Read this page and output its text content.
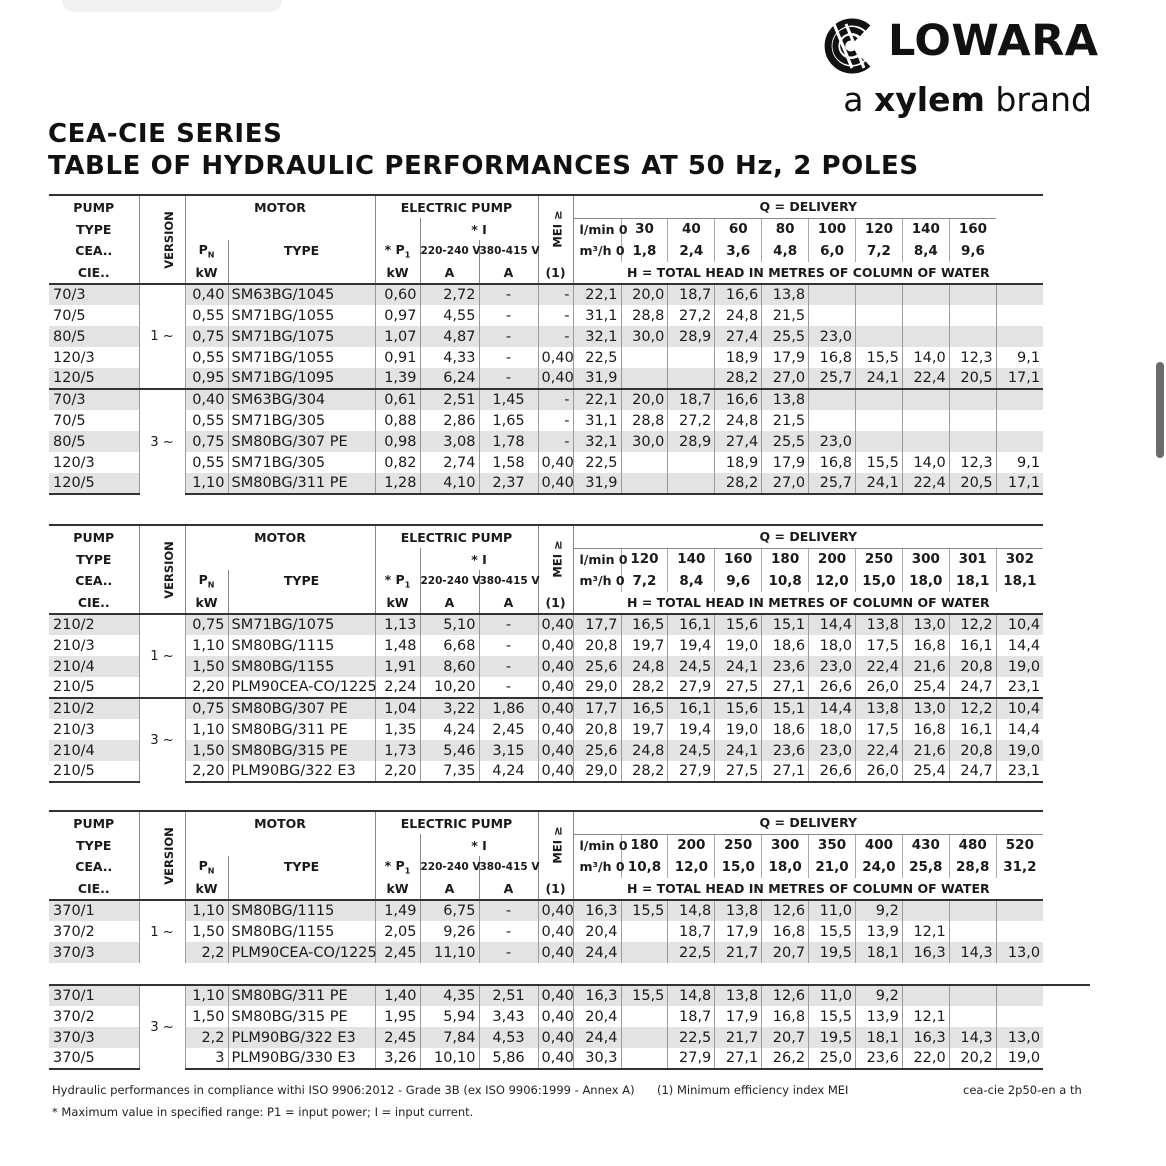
LOWARA
a xylem brand
CEA-CIE SERIES
TABLE OF HYDRAULIC PERFORMANCES AT 50 Hz, 2 POLES
PUMP	VERSION	MOTOR		ELECTRIC PUMP			MEI ≥	Q = DELIVERY									
TYPE					* I			l/min 0	30	40	60	80	100	120	140	160	
CEA..		$P_N$	TYPE	* $P_1$	220-240 V	380-415 V		m³/h 0	1,8	2,4	3,6	4,8	6,0	7,2	8,4	9,6	
CIE..		kW		kW	A	A	(1)	H = TOTAL HEAD IN METRES OF COLUMN OF WATER									
70/3	1 ~	0,40	SM63BG/1045	0,60	2,72	-	-	22,1	20,0	18,7	16,6	13,8					
70/5		0,55	SM71BG/1055	0,97	4,55	-	-	31,1	28,8	27,2	24,8	21,5					
80/5		0,75	SM71BG/1075	1,07	4,87	-	-	32,1	30,0	28,9	27,4	25,5	23,0				
120/3		0,55	SM71BG/1055	0,91	4,33	-	0,40	22,5			18,9	17,9	16,8	15,5	14,0	12,3	9,1
120/5		0,95	SM71BG/1095	1,39	6,24	-	0,40	31,9			28,2	27,0	25,7	24,1	22,4	20,5	17,1
70/3	3 ~	0,40	SM63BG/304	0,61	2,51	1,45	-	22,1	20,0	18,7	16,6	13,8					
70/5		0,55	SM71BG/305	0,88	2,86	1,65	-	31,1	28,8	27,2	24,8	21,5					
80/5		0,75	SM80BG/307 PE	0,98	3,08	1,78	-	32,1	30,0	28,9	27,4	25,5	23,0				
120/3		0,55	SM71BG/305	0,82	2,74	1,58	0,40	22,5			18,9	17,9	16,8	15,5	14,0	12,3	9,1
120/5		1,10	SM80BG/311 PE	1,28	4,10	2,37	0,40	31,9			28,2	27,0	25,7	24,1	22,4	20,5	17,1
PUMP	VERSION	MOTOR		ELECTRIC PUMP			MEI ≥	Q = DELIVERY									
TYPE					* I			l/min 0	120	140	160	180	200	250	300	301	302
CEA..		$P_N$	TYPE	* $P_1$	220-240 V	380-415 V		m³/h 0	7,2	8,4	9,6	10,8	12,0	15,0	18,0	18,1	18,1
CIE..		kW		kW	A	A	(1)	H = TOTAL HEAD IN METRES OF COLUMN OF WATER									
210/2	1 ~	0,75	SM71BG/1075	1,13	5,10	-	0,40	17,7	16,5	16,1	15,6	15,1	14,4	13,8	13,0	12,2	10,4
210/3		1,10	SM80BG/1115	1,48	6,68	-	0,40	20,8	19,7	19,4	19,0	18,6	18,0	17,5	16,8	16,1	14,4
210/4		1,50	SM80BG/1155	1,91	8,60	-	0,40	25,6	24,8	24,5	24,1	23,6	23,0	22,4	21,6	20,8	19,0
210/5		2,20	PLM90CEA-CO/1225	2,24	10,20	-	0,40	29,0	28,2	27,9	27,5	27,1	26,6	26,0	25,4	24,7	23,1
210/2	3 ~	0,75	SM80BG/307 PE	1,04	3,22	1,86	0,40	17,7	16,5	16,1	15,6	15,1	14,4	13,8	13,0	12,2	10,4
210/3		1,10	SM80BG/311 PE	1,35	4,24	2,45	0,40	20,8	19,7	19,4	19,0	18,6	18,0	17,5	16,8	16,1	14,4
210/4		1,50	SM80BG/315 PE	1,73	5,46	3,15	0,40	25,6	24,8	24,5	24,1	23,6	23,0	22,4	21,6	20,8	19,0
210/5		2,20	PLM90BG/322 E3	2,20	7,35	4,24	0,40	29,0	28,2	27,9	27,5	27,1	26,6	26,0	25,4	24,7	23,1
PUMP	VERSION	MOTOR		ELECTRIC PUMP			MEI ≥	Q = DELIVERY									
TYPE					* I			l/min 0	180	200	250	300	350	400	430	480	520
CEA..		$P_N$	TYPE	* $P_1$	220-240 V	380-415 V		m³/h 0	10,8	12,0	15,0	18,0	21,0	24,0	25,8	28,8	31,2
CIE..		kW		kW	A	A	(1)	H = TOTAL HEAD IN METRES OF COLUMN OF WATER									
370/1	1 ~	1,10	SM80BG/1115	1,49	6,75	-	0,40	16,3	15,5	14,8	13,8	12,6	11,0	9,2			
370/2		1,50	SM80BG/1155	2,05	9,26	-	0,40	20,4		18,7	17,9	16,8	15,5	13,9	12,1		
370/3		2,2	PLM90CEA-CO/1225	2,45	11,10	-	0,40	24,4		22,5	21,7	20,7	19,5	18,1	16,3	14,3	13,0

370/1	3 ~	1,10	SM80BG/311 PE	1,40	4,35	2,51	0,40	16,3	15,5	14,8	13,8	12,6	11,0	9,2			
370/2		1,50	SM80BG/315 PE	1,95	5,94	3,43	0,40	20,4		18,7	17,9	16,8	15,5	13,9	12,1		
370/3		2,2	PLM90BG/322 E3	2,45	7,84	4,53	0,40	24,4		22,5	21,7	20,7	19,5	18,1	16,3	14,3	13,0
370/5		3	PLM90BG/330 E3	3,26	10,10	5,86	0,40	30,3		27,9	27,1	26,2	25,0	23,6	22,0	20,2	19,0
Hydraulic performances in compliance withi ISO 9906:2012 - Grade 3B (ex ISO 9906:1999 - Annex A) (1) Minimum efficiency index MEI	cea-cie 2p50-en a th
* Maximum value in specified range: P1 = input power; I = input current.
